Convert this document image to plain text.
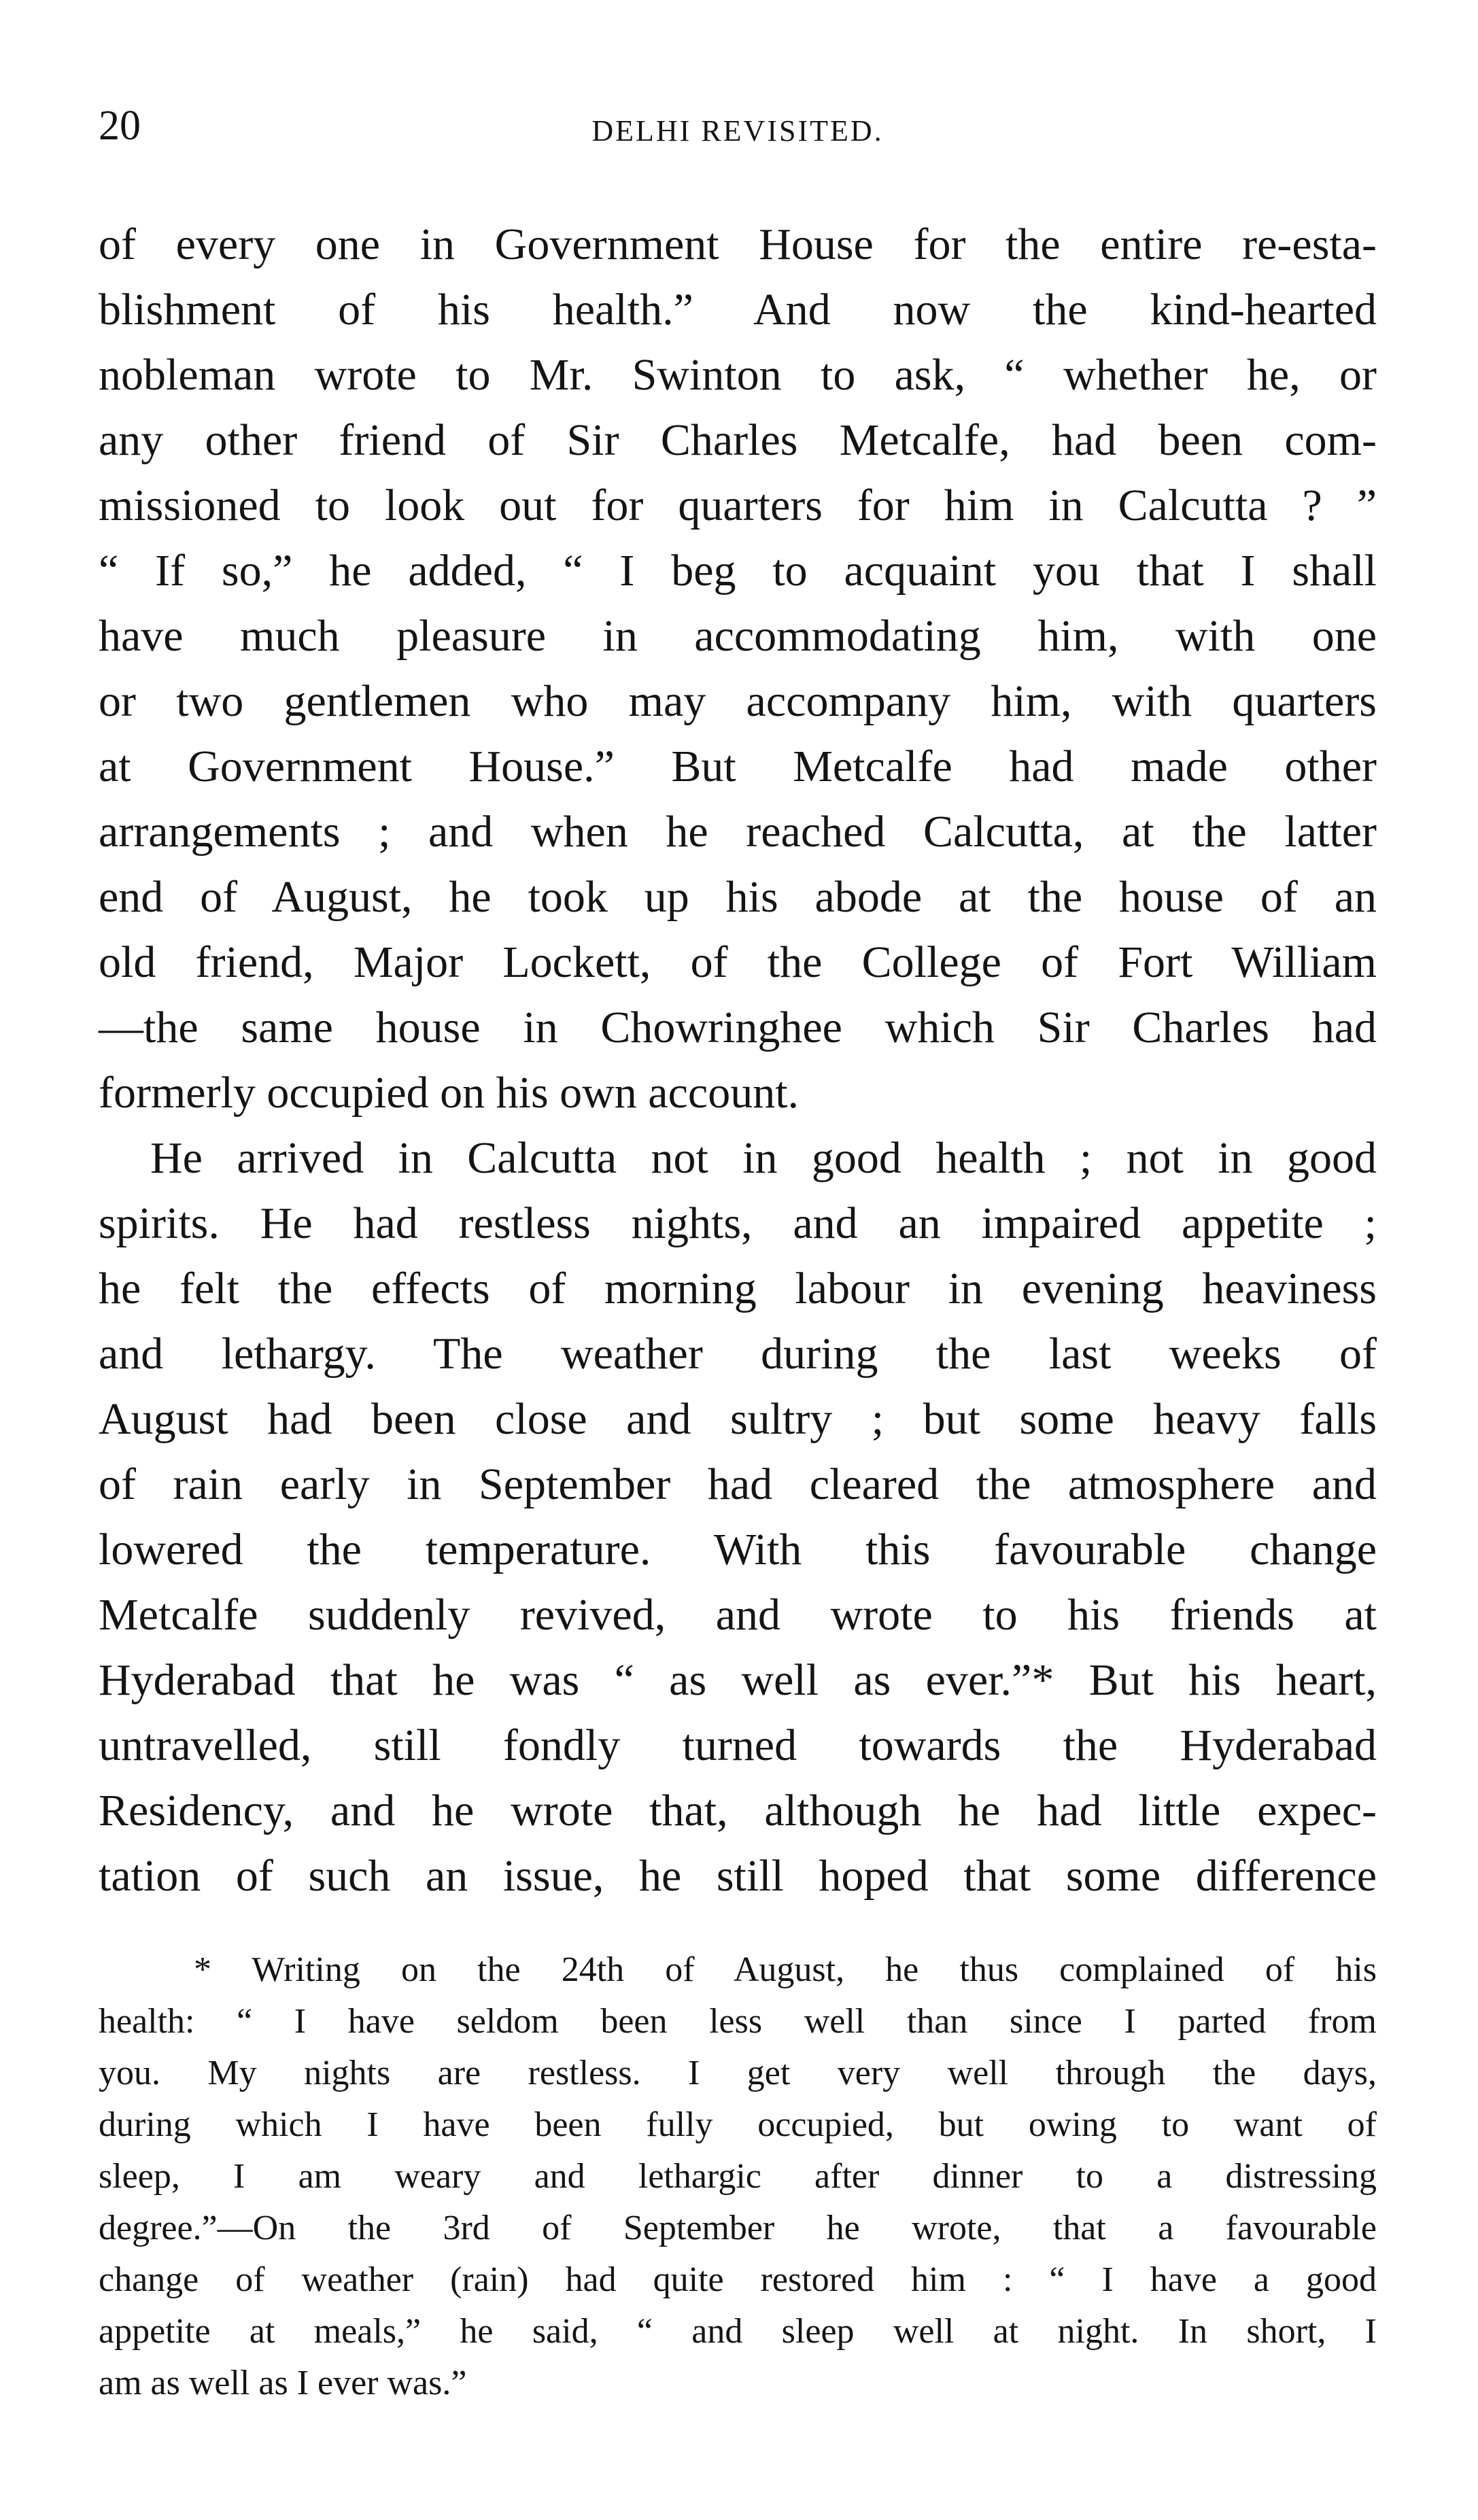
20	DELHI REVISITED.
of every one in Government House for the entire re-esta-
blishment of his health.” And now the kind-hearted
nobleman wrote to Mr. Swinton to ask, “ whether he, or
any other friend of Sir Charles Metcalfe, had been com-
missioned to look out for quarters for him in Calcutta ? ”
“ If so,” he added, “ I beg to acquaint you that I shall
have much pleasure in accommodating him, with one
or two gentlemen who may accompany him, with quarters
at Government House.” But Metcalfe had made other
arrangements ; and when he reached Calcutta, at the latter
end of August, he took up his abode at the house of an
old friend, Major Lockett, of the College of Fort William
—the same house in Chowringhee which Sir Charles had
formerly occupied on his own account.
He arrived in Calcutta not in good health ; not in good
spirits. He had restless nights, and an impaired appetite ;
he felt the effects of morning labour in evening heaviness
and lethargy. The weather during the last weeks of
August had been close and sultry ; but some heavy falls
of rain early in September had cleared the atmosphere and
lowered the temperature. With this favourable change
Metcalfe suddenly revived, and wrote to his friends at
Hyderabad that he was “ as well as ever.”* But his heart,
untravelled, still fondly turned towards the Hyderabad
Residency, and he wrote that, although he had little expec-
tation of such an issue, he still hoped that some difference
* Writing on the 24th of August, he thus complained of his
health: “ I have seldom been less well than since I parted from
you. My nights are restless. I get very well through the days,
during which I have been fully occupied, but owing to want of
sleep, I am weary and lethargic after dinner to a distressing
degree.”—On the 3rd of September he wrote, that a favourable
change of weather (rain) had quite restored him : “ I have a good
appetite at meals,” he said, “ and sleep well at night. In short, I
am as well as I ever was.”
